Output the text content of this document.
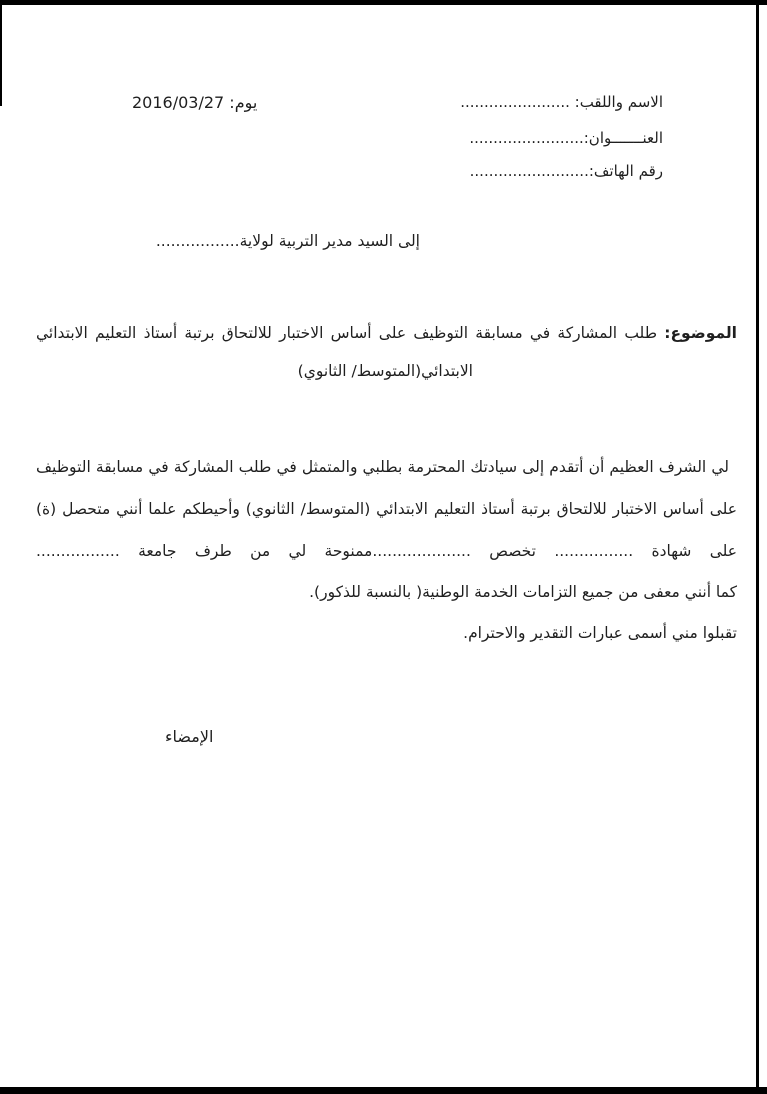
يوم: 2016/03/27	الاسم واللقب: .......................
العنـــــــوان:........................
رقم الهاتف:.........................
إلى السيد مدير التربية لولاية.................
الموضوع: طلب المشاركة في مسابقة التوظيف على أساس الاختبار للالتحاق برتبة أستاذ التعليم الابتدائي
الابتدائي(المتوسط/ الثانوي)
لي الشرف العظيم أن أتقدم إلى سيادتك المحترمة بطلبي والمتمثل في طلب المشاركة في مسابقة التوظيف
على أساس الاختبار للالتحاق برتبة أستاذ التعليم الابتدائي (المتوسط/ الثانوي) وأحيطكم علما أنني متحصل (ة)
على شهادة ................ تخصص ....................ممنوحة لي من طرف جامعة .................
كما أنني معفى من جميع التزامات الخدمة الوطنية( بالنسبة للذكور).
تقبلوا مني أسمى عبارات التقدير والاحترام.
الإمضاء
